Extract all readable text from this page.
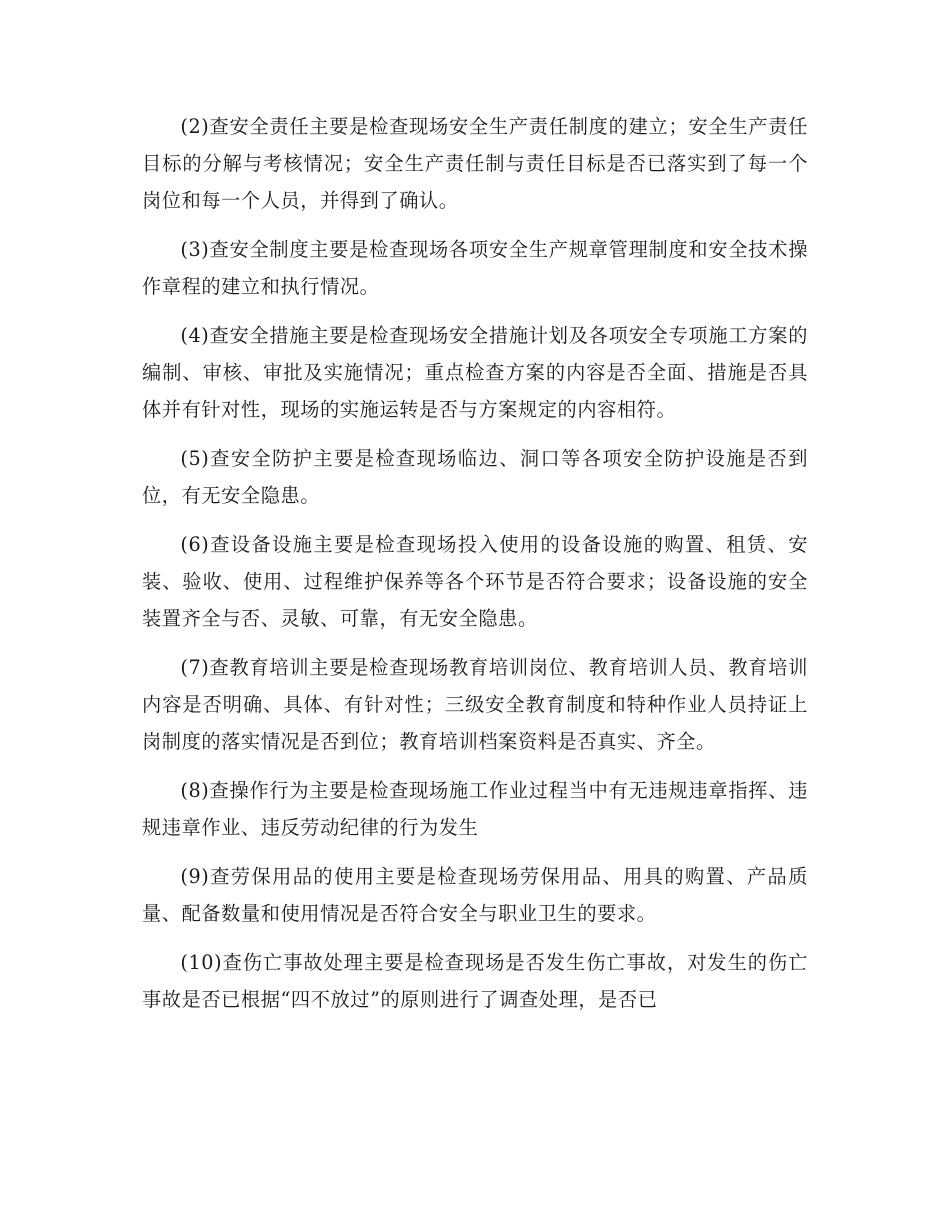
(2)查安全责任主要是检查现场安全生产责任制度的建立；安全生产责任目标的分解与考核情况；安全生产责任制与责任目标是否已落实到了每一个岗位和每一个人员，并得到了确认。

(3)查安全制度主要是检查现场各项安全生产规章管理制度和安全技术操作章程的建立和执行情况。

(4)查安全措施主要是检查现场安全措施计划及各项安全专项施工方案的编制、审核、审批及实施情况；重点检查方案的内容是否全面、措施是否具体并有针对性，现场的实施运转是否与方案规定的内容相符。

(5)查安全防护主要是检查现场临边、洞口等各项安全防护设施是否到位，有无安全隐患。

(6)查设备设施主要是检查现场投入使用的设备设施的购置、租赁、安装、验收、使用、过程维护保养等各个环节是否符合要求；设备设施的安全装置齐全与否、灵敏、可靠，有无安全隐患。

(7)查教育培训主要是检查现场教育培训岗位、教育培训人员、教育培训内容是否明确、具体、有针对性；三级安全教育制度和特种作业人员持证上岗制度的落实情况是否到位；教育培训档案资料是否真实、齐全。

(8)查操作行为主要是检查现场施工作业过程当中有无违规违章指挥、违规违章作业、违反劳动纪律的行为发生

(9)查劳保用品的使用主要是检查现场劳保用品、用具的购置、产品质量、配备数量和使用情况是否符合安全与职业卫生的要求。

(10)查伤亡事故处理主要是检查现场是否发生伤亡事故，对发生的伤亡事故是否已根据“四不放过”的原则进行了调查处理，是否已
